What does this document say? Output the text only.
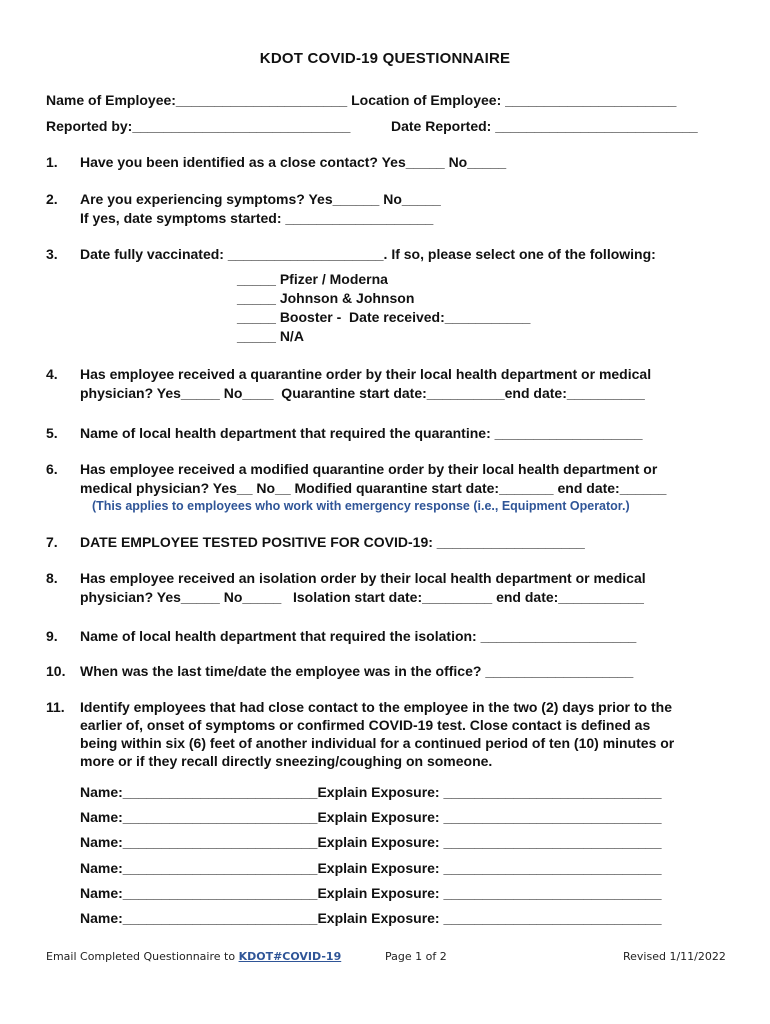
KDOT COVID-19 QUESTIONNAIRE
Name of Employee:______________________ Location of Employee: ______________________
Reported by:____________________________	Date Reported: __________________________
1. Have you been identified as a close contact? Yes_____ No_____
2. Are you experiencing symptoms? Yes______ No_____
If yes, date symptoms started: ___________________
3. Date fully vaccinated: ____________________. If so, please select one of the following:
_____ Pfizer / Moderna
_____ Johnson & Johnson
_____ Booster -  Date received:___________
_____ N/A
4. Has employee received a quarantine order by their local health department or medical
physician? Yes_____ No____  Quarantine start date:__________end date:__________
5. Name of local health department that required the quarantine: ___________________
6. Has employee received a modified quarantine order by their local health department or
medical physician? Yes__ No__ Modified quarantine start date:_______ end date:______
(This applies to employees who work with emergency response (i.e., Equipment Operator.)
7. DATE EMPLOYEE TESTED POSITIVE FOR COVID-19: ___________________
8. Has employee received an isolation order by their local health department or medical
physician? Yes_____ No_____   Isolation start date:_________ end date:___________
9. Name of local health department that required the isolation: ____________________
10. When was the last time/date the employee was in the office? ___________________
11. Identify employees that had close contact to the employee in the two (2) days prior to the
earlier of, onset of symptoms or confirmed COVID-19 test. Close contact is defined as
being within six (6) feet of another individual for a continued period of ten (10) minutes or
more or if they recall directly sneezing/coughing on someone.
Name:_________________________Explain Exposure: ____________________________
Name:_________________________Explain Exposure: ____________________________
Name:_________________________Explain Exposure: ____________________________
Name:_________________________Explain Exposure: ____________________________
Name:_________________________Explain Exposure: ____________________________
Name:_________________________Explain Exposure: ____________________________
Email Completed Questionnaire to KDOT#COVID-19	Page 1 of 2	Revised 1/11/2022
